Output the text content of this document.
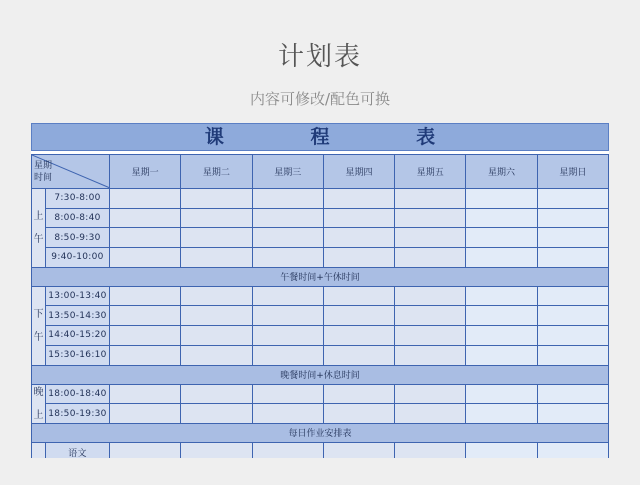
计划表
内容可修改/配色可换
课 程 表
星期
时间		星期一	星期二	星期三	星期四	星期五	星期六	星期日

上
午	7:30-8:00							
	8:00-8:40							
	8:50-9:30							
	9:40-10:00							
午餐时间+午休时间								

下
午	13:00-13:40							
	13:50-14:30							
	14:40-15:20							
	15:30-16:10							
晚餐时间+休息时间								

晚
上	18:00-18:40							
	18:50-19:30							
每日作业安排表								
	语文							
